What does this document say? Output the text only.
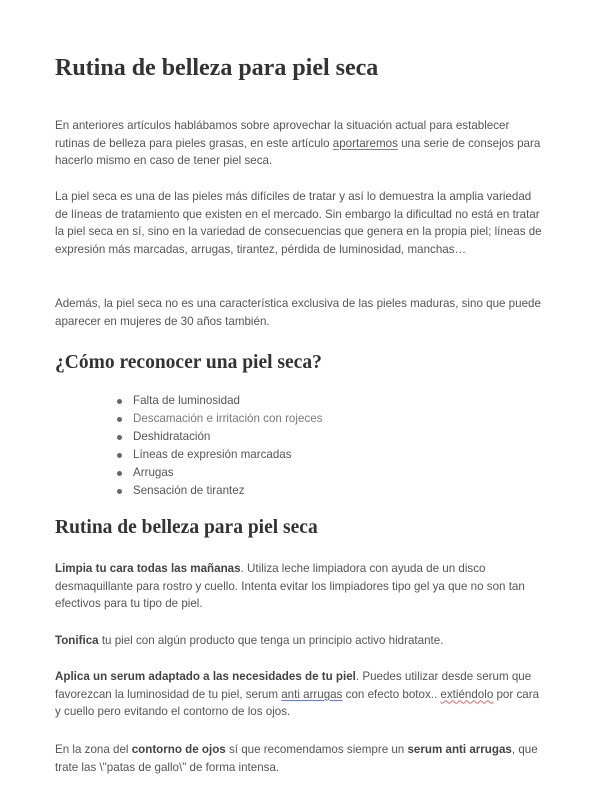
Rutina de belleza para piel seca

En anteriores artículos hablábamos sobre aprovechar la situación actual para establecer rutinas de belleza para pieles grasas, en este artículo aportaremos una serie de consejos para hacerlo mismo en caso de tener piel seca.

La piel seca es una de las pieles más difíciles de tratar y así lo demuestra la amplia variedad de líneas de tratamiento que existen en el mercado. Sin embargo la dificultad no está en tratar la piel seca en sí, sino en la variedad de consecuencias que genera en la propia piel; líneas de expresión más marcadas, arrugas, tirantez, pérdida de luminosidad, manchas…

Además, la piel seca no es una característica exclusiva de las pieles maduras, sino que puede aparecer en mujeres de 30 años también.

¿Cómo reconocer una piel seca?
Falta de luminosidad
Descamación e irritación con rojeces
Deshidratación
Líneas de expresión marcadas
Arrugas
Sensación de tirantez
Rutina de belleza para piel seca

Limpia tu cara todas las mañanas. Utiliza leche limpiadora con ayuda de un disco desmaquillante para rostro y cuello. Intenta evitar los limpiadores tipo gel ya que no son tan efectivos para tu tipo de piel.

Tonifica tu piel con algún producto que tenga un principio activo hidratante.

Aplica un serum adaptado a las necesidades de tu piel. Puedes utilizar desde serum que favorezcan la luminosidad de tu piel, serum anti arrugas con efecto botox.. extiéndolo por cara y cuello pero evitando el contorno de los ojos.

En la zona del contorno de ojos sí que recomendamos siempre un serum anti arrugas, que trate las \"patas de gallo\" de forma intensa.
